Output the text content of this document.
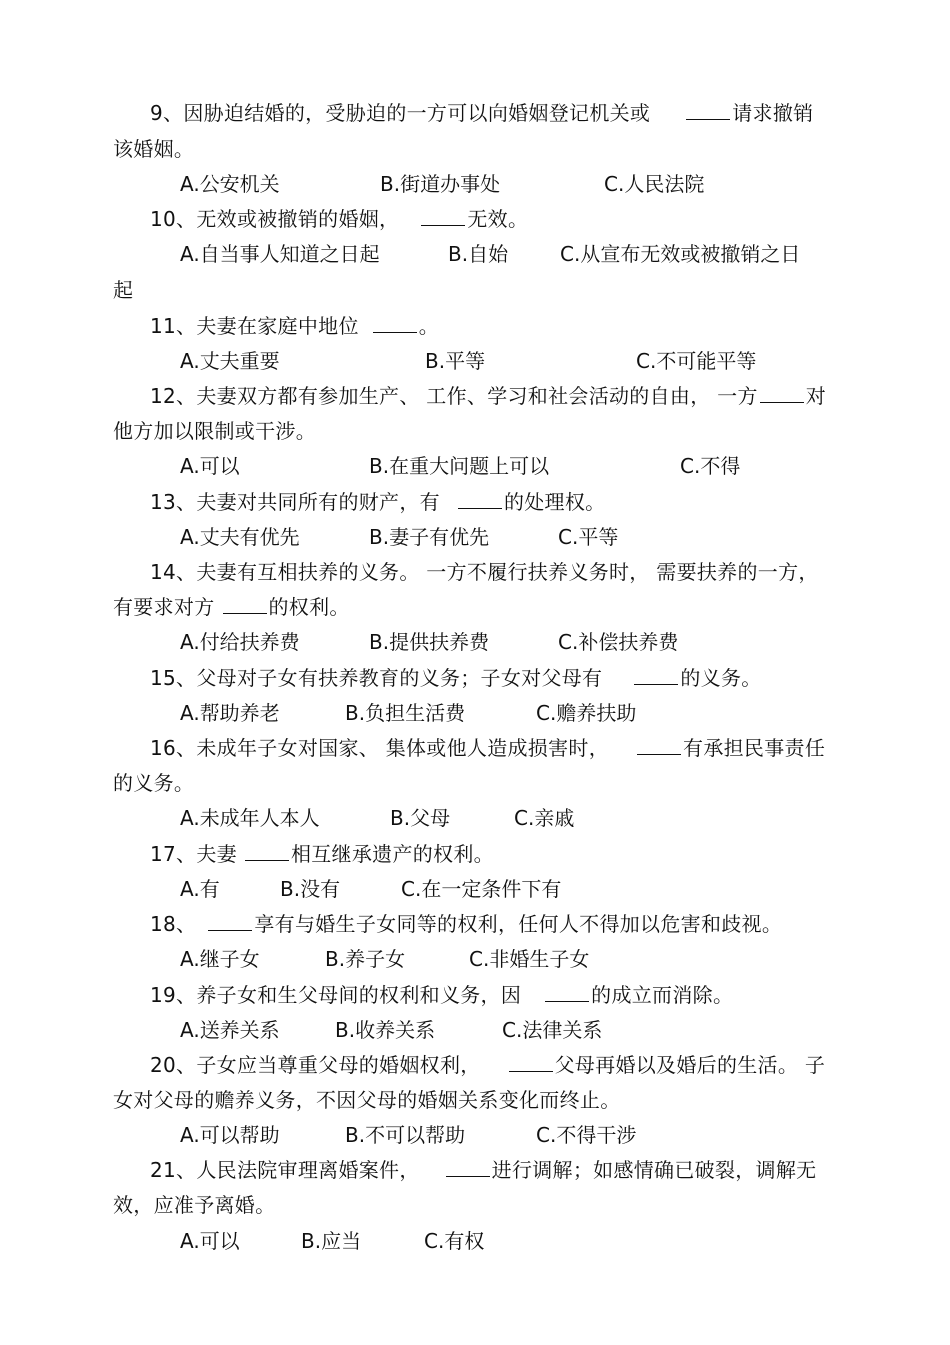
9、因胁迫结婚的，受胁迫的一方可以向婚姻登记机关或	请求撤销
该婚姻。
A.公安机关	B.街道办事处	C.人民法院
10、无效或被撤销的婚姻，	无效。
A.自当事人知道之日起	B.自始	C.从宣布无效或被撤销之日
起
11、夫妻在家庭中地位	。
A.丈夫重要	B.平等	C.不可能平等
12、夫妻双方都有参加生产、 工作、学习和社会活动的自由， 一方 对
他方加以限制或干涉。
A.可以	B.在重大问题上可以	C.不得
13、夫妻对共同所有的财产，有	的处理权。
A.丈夫有优先	B.妻子有优先	C.平等
14、夫妻有互相扶养的义务。 一方不履行扶养义务时， 需要扶养的一方，
有要求对方	的权利。
A.付给扶养费	B.提供扶养费	C.补偿扶养费
15、父母对子女有扶养教育的义务；子女对父母有	的义务。
A.帮助养老	B.负担生活费	C.赡养扶助
16、未成年子女对国家、 集体或他人造成损害时，	有承担民事责任
的义务。
A.未成年人本人	B.父母	C.亲戚
17、夫妻	相互继承遗产的权利。
A.有	B.没有	C.在一定条件下有
18、	享有与婚生子女同等的权利，任何人不得加以危害和歧视。
A.继子女	B.养子女	C.非婚生子女
19、养子女和生父母间的权利和义务，因	的成立而消除。
A.送养关系	B.收养关系	C.法律关系
20、子女应当尊重父母的婚姻权利，	父母再婚以及婚后的生活。 子
女对父母的赡养义务，不因父母的婚姻关系变化而终止。
A.可以帮助	B.不可以帮助	C.不得干涉
21、人民法院审理离婚案件，	进行调解；如感情确已破裂，调解无
效，应准予离婚。
A.可以	B.应当	C.有权
